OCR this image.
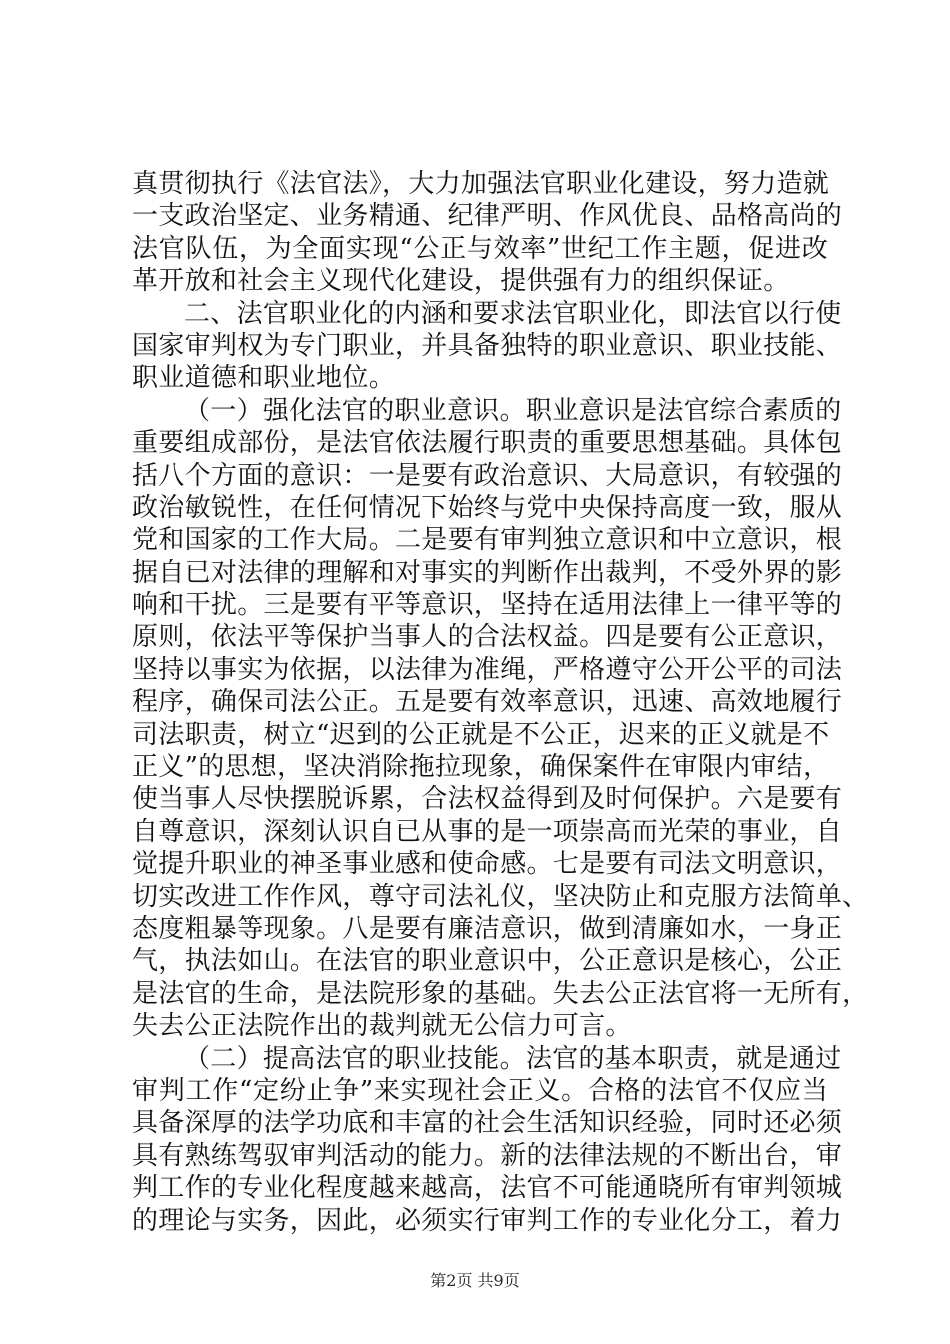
真贯彻执行《法官法》，大力加强法官职业化建设，努力造就
一支政治坚定、业务精通、纪律严明、作风优良、品格高尚的
法官队伍，为全面实现“公正与效率”世纪工作主题，促进改
革开放和社会主义现代化建设，提供强有力的组织保证。
二、法官职业化的内涵和要求法官职业化，即法官以行使
国家审判权为专门职业，并具备独特的职业意识、职业技能、
职业道德和职业地位。
（一）强化法官的职业意识。职业意识是法官综合素质的
重要组成部份，是法官依法履行职责的重要思想基础。具体包
括八个方面的意识：一是要有政治意识、大局意识，有较强的
政治敏锐性，在任何情况下始终与党中央保持高度一致，服从
党和国家的工作大局。二是要有审判独立意识和中立意识，根
据自已对法律的理解和对事实的判断作出裁判，不受外界的影
响和干扰。三是要有平等意识，坚持在适用法律上一律平等的
原则，依法平等保护当事人的合法权益。四是要有公正意识，
坚持以事实为依据，以法律为准绳，严格遵守公开公平的司法
程序，确保司法公正。五是要有效率意识，迅速、高效地履行
司法职责，树立“迟到的公正就是不公正，迟来的正义就是不
正义”的思想，坚决消除拖拉现象，确保案件在审限内审结，
使当事人尽快摆脱诉累，合法权益得到及时何保护。六是要有
自尊意识，深刻认识自已从事的是一项崇高而光荣的事业，自
觉提升职业的神圣事业感和使命感。七是要有司法文明意识，
切实改进工作作风，尊守司法礼仪，坚决防止和克服方法简单、
态度粗暴等现象。八是要有廉洁意识，做到清廉如水，一身正
气，执法如山。在法官的职业意识中，公正意识是核心，公正
是法官的生命，是法院形象的基础。失去公正法官将一无所有，
失去公正法院作出的裁判就无公信力可言。
（二）提高法官的职业技能。法官的基本职责，就是通过
审判工作“定纷止争”来实现社会正义。合格的法官不仅应当
具备深厚的法学功底和丰富的社会生活知识经验，同时还必须
具有熟练驾驭审判活动的能力。新的法律法规的不断出台，审
判工作的专业化程度越来越高，法官不可能通晓所有审判领城
的理论与实务，因此，必须实行审判工作的专业化分工，着力
第2页 共9页
